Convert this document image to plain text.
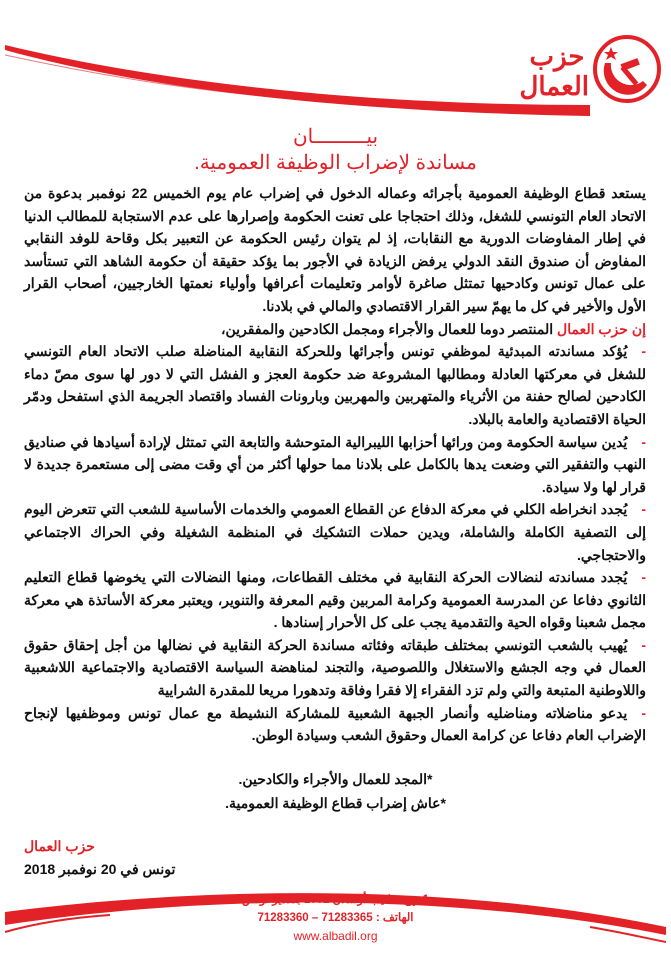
حزب العمال
بيـــــــــان
مساندة لإضراب الوظيفة العمومية.

يستعد قطاع الوظيفة العمومية بأجرائه وعماله الدخول في إضراب عام يوم الخميس 22 نوفمبر بدعوة من الاتحاد العام التونسي للشغل، وذلك احتجاجا على تعنت الحكومة وإصرارها على عدم الاستجابة للمطالب الدنيا في إطار المفاوضات الدورية مع النقابات، إذ لم يتوان رئيس الحكومة عن التعبير بكل وقاحة للوفد النقابي المفاوض أن صندوق النقد الدولي يرفض الزيادة في الأجور بما يؤكد حقيقة أن حكومة الشاهد التي تستأسد على عمال تونس وكادحيها تمتثل صاغرة لأوامر وتعليمات أعرافها وأولياء نعمتها الخارجيين، أصحاب القرار الأول والأخير في كل ما يهمّ سير القرار الاقتصادي والمالي في بلادنا.

إن حزب العمال المنتصر دوما للعمال والأجراء ومجمل الكادحين والمفقرين،

-يُؤكد مساندته المبدئية لموظفي تونس وأجرائها وللحركة النقابية المناضلة صلب الاتحاد العام التونسي للشغل في معركتها العادلة ومطالبها المشروعة ضد حكومة العجز و الفشل التي لا دور لها سوى مصّ دماء الكادحين لصالح حفنة من الأثرياء والمتهربين والمهربين وبارونات الفساد واقتصاد الجريمة الذي استفحل ودمّر الحياة الاقتصادية والعامة بالبلاد.

-يُدين سياسة الحكومة ومن ورائها أحزابها الليبرالية المتوحشة والتابعة التي تمتثل لإرادة أسيادها في صناديق النهب والتفقير التي وضعت يدها بالكامل على بلادنا مما حولها أكثر من أي وقت مضى إلى مستعمرة جديدة لا قرار لها ولا سيادة.

-يُجدد انخراطه الكلي في معركة الدفاع عن القطاع العمومي والخدمات الأساسية للشعب التي تتعرض اليوم إلى التصفية الكاملة والشاملة، ويدين حملات التشكيك في المنظمة الشغيلة وفي الحراك الاجتماعي والاحتجاجي.

-يُجدد مساندته لنضالات الحركة النقابية في مختلف القطاعات، ومنها النضالات التي يخوضها قطاع التعليم الثانوي دفاعا عن المدرسة العمومية وكرامة المربين وقيم المعرفة والتنوير، ويعتبر معركة الأساتذة هي معركة مجمل شعبنا وقواه الحية والتقدمية يجب على كل الأحرار إسنادها .

-يُهيب بالشعب التونسي بمختلف طبقاته وفئاته مساندة الحركة النقابية في نضالها من أجل إحقاق حقوق العمال في وجه الجشع والاستغلال واللصوصية، والتجند لمناهضة السياسة الاقتصادية والاجتماعية اللاشعبية واللاوطنية المتبعة والتي ولم تزد الفقراء إلا فقرا وفاقة وتدهورا مريعا للمقدرة الشرايية

-يدعو مناضلاته ومناضليه وأنصار الجبهة الشعبية للمشاركة النشيطة مع عمال تونس وموظفيها لإنجاح الإضراب العام دفاعا عن كرامة العمال وحقوق الشعب وسيادة الوطن.

*المجد للعمال والأجراء والكادحين.
*عاش إضراب قطاع الوظيفة العمومية.
حزب العمال
تونس في 20 نوفمبر 2018
1 نهج شكيب أرسلان 1002 بلفدير تونس
الهاتف : 71283365 – 71283360
www.albadil.org
